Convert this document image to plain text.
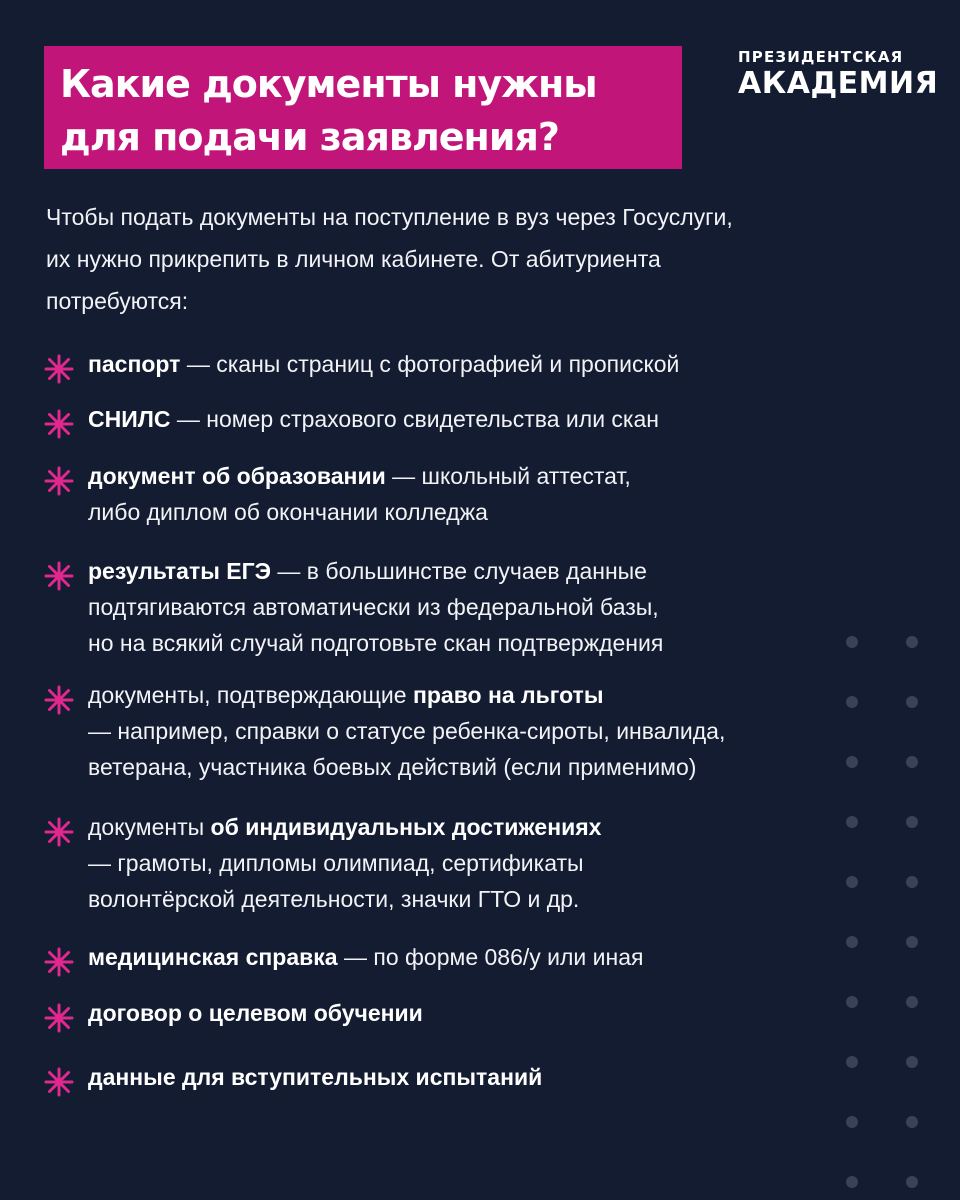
Какие документы нужны
для подачи заявления?
ПРЕЗИДЕНТСКАЯ
АКАДЕМИЯ

Чтобы подать документы на поступление в вуз через Госуслуги,

их нужно прикрепить в личном кабинете. От абитуриента

потребуются:

паспорт — сканы страниц с фотографией и пропиской
СНИЛС — номер страхового свидетельства или скан
документ об образовании — школьный аттестат,
либо диплом об окончании колледжа
результаты ЕГЭ — в большинстве случаев данные
подтягиваются автоматически из федеральной базы,
но на всякий случай подготовьте скан подтверждения
документы, подтверждающие право на льготы
— например, справки о статусе ребенка-сироты, инвалида,
ветерана, участника боевых действий (если применимо)
документы об индивидуальных достижениях
— грамоты, дипломы олимпиад, сертификаты
волонтёрской деятельности, значки ГТО и др.
медицинская справка — по форме 086/у или иная
договор о целевом обучении
данные для вступительных испытаний
